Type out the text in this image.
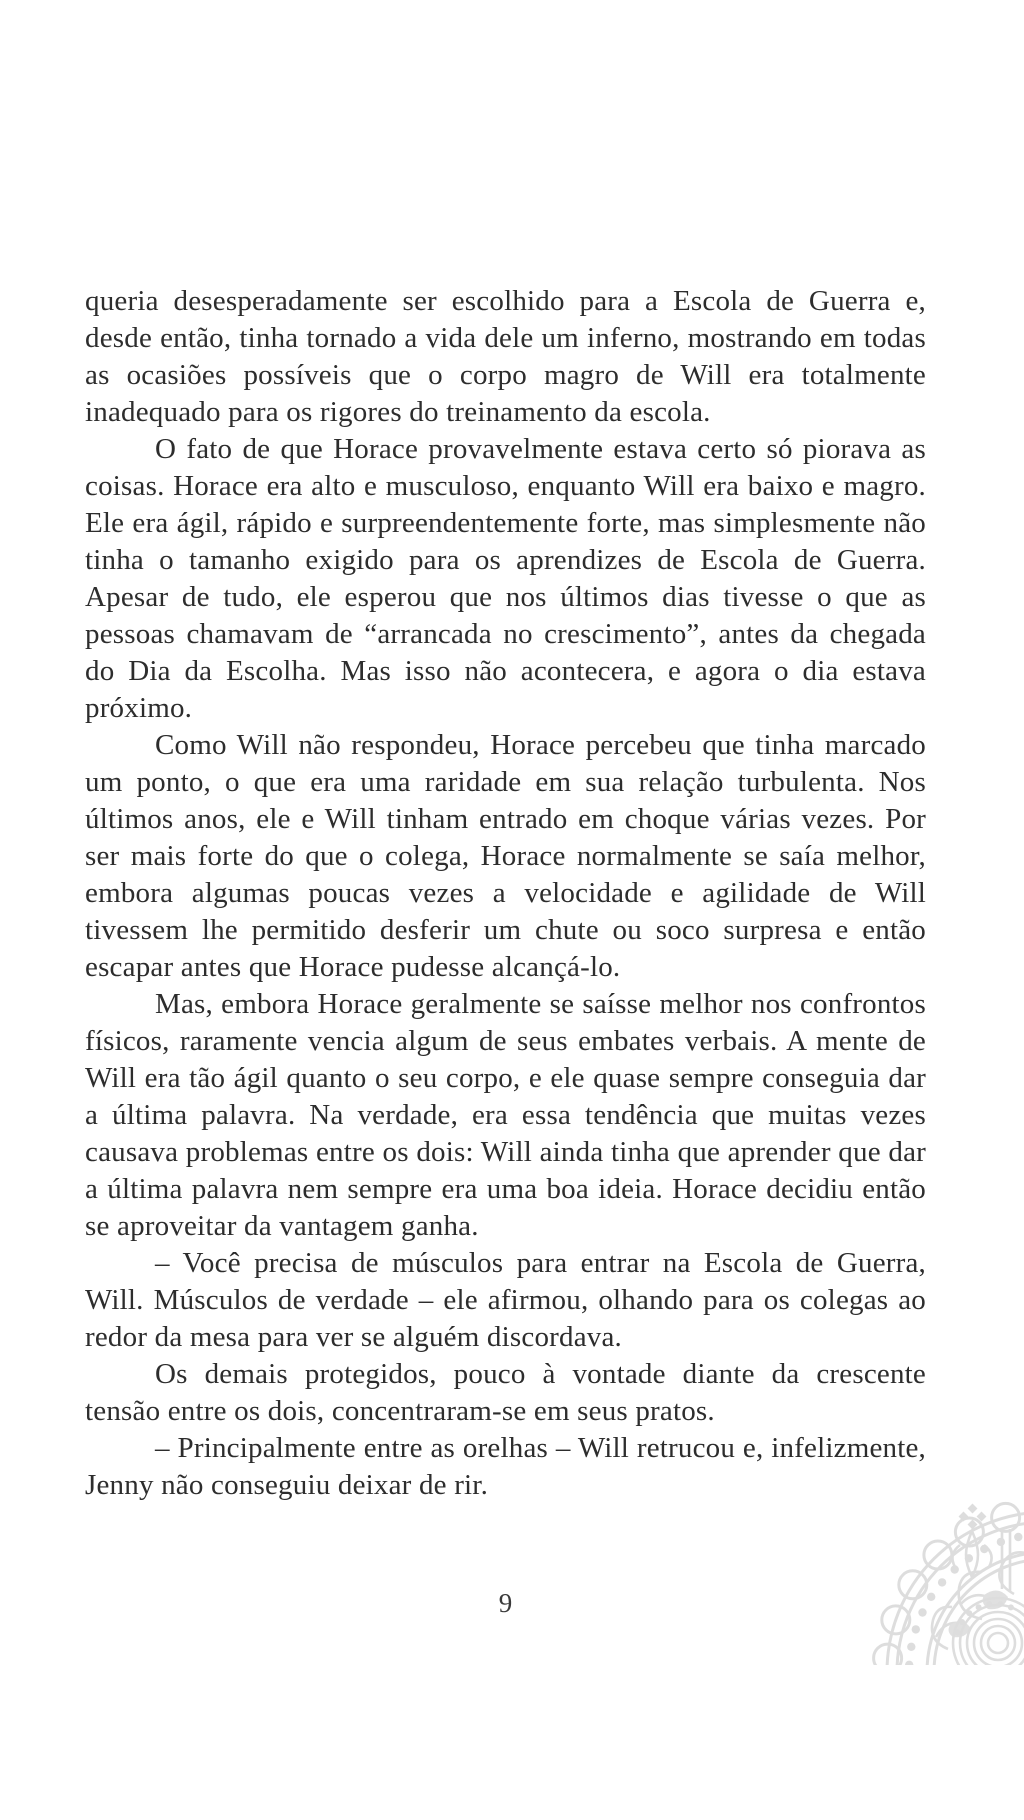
queria desesperadamente ser escolhido para a Escola de Guerra e, desde então, tinha tornado a vida dele um inferno, mostrando em todas as ocasiões possíveis que o corpo magro de Will era totalmente inadequado para os rigores do treinamento da escola.

O fato de que Horace provavelmente estava certo só piorava as coisas. Horace era alto e musculoso, enquanto Will era baixo e magro. Ele era ágil, rápido e surpreendentemente forte, mas simplesmente não tinha o tamanho exigido para os aprendizes de Escola de Guerra. Apesar de tudo, ele esperou que nos últimos dias tivesse o que as pessoas chamavam de “arrancada no crescimento”, antes da chegada do Dia da Escolha. Mas isso não acontecera, e agora o dia estava próximo.

Como Will não respondeu, Horace percebeu que tinha marcado um ponto, o que era uma raridade em sua relação turbulenta. Nos últimos anos, ele e Will tinham entrado em choque várias vezes. Por ser mais forte do que o colega, Horace normalmente se saía melhor, embora algumas poucas vezes a velocidade e agilidade de Will tivessem lhe permitido desferir um chute ou soco surpresa e então escapar antes que Horace pudesse alcançá-lo.

Mas, embora Horace geralmente se saísse melhor nos confrontos físicos, raramente vencia algum de seus embates verbais. A mente de Will era tão ágil quanto o seu corpo, e ele quase sempre conseguia dar a última palavra. Na verdade, era essa tendência que muitas vezes causava problemas entre os dois: Will ainda tinha que aprender que dar a última palavra nem sempre era uma boa ideia. Horace decidiu então se aproveitar da vantagem ganha.

– Você precisa de músculos para entrar na Escola de Guerra, Will. Músculos de verdade – ele afirmou, olhando para os colegas ao redor da mesa para ver se alguém discordava.

Os demais protegidos, pouco à vontade diante da crescente tensão entre os dois, concentraram-se em seus pratos.

– Principalmente entre as orelhas – Will retrucou e, infelizmente, Jenny não conseguiu deixar de rir.

9
